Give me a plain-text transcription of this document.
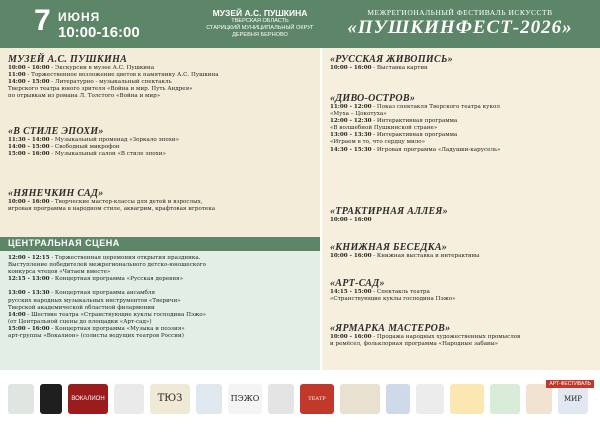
7 ИЮНЯ
10:00-16:00
МУЗЕЙ А.С. ПУШКИНА
ТВЕРСКАЯ ОБЛАСТЬ
СТАРИЦКИЙ МУНИЦИПАЛЬНЫЙ ОКРУГ
ДЕРЕВНЯ БЕРНОВО
МЕЖРЕГИОНАЛЬНЫЙ ФЕСТИВАЛЬ ИСКУССТВ
«ПУШКИНФЕСТ-2026»
МУЗЕЙ А.С. ПУШКИНА
10:00 - 16:00 - Экскурсии в музее А.С. Пушкина
11:00 - Торжественное возложение цветов к памятнику А.С. Пушкина
14:00 - 15:00 - Литературно - музыкальный спектакль
Тверского театра юного зрителя «Война и мир. Путь Андрея»
по отрывкам из романа Л. Толстого «Война и мир»
«В СТИЛЕ ЭПОХИ»
11:30 - 14:00 - Музыкальный променад «Зеркало эпохи»
14:00 - 15:00 - Свободный микрофон
15:00 - 16:00 - Музыкальный салон «В стиле эпохи»
«НЯНЕЧКИН САД»
10:00 - 16:00 - Творческие мастер-классы для детей и взрослых,
игровая программа в народном стиле, аквагрим, крафтовая игротека
ЦЕНТРАЛЬНАЯ СЦЕНА
12:00 - 12:15 - Торжественная церемония открытия праздника.
Выступление победителей межрегионального детско-юношеского
конкурса чтецов «Читаем вместе»
12:15 - 13:00 - Концертная программа «Русская деревня»

13:00 - 13:30 - Концертная программа ансамбля
русских народных музыкальных инструментов «Тверичи»
Тверской академической областной филармонии
14:00 - Шествие театра «Странствующие куклы господина Пэжо»
(от Центральной сцены до площадки «Арт-сад»)
15:00 - 16:00 - Концертная программа «Музыка и поэзия»
арт-группы «Вокалион» (солисты ведущих театров России)
«РУССКАЯ ЖИВОПИСЬ»
10:00 - 16:00 - Выставка картин
«ДИВО-ОСТРОВ»
11:00 - 12:00 - Показ спектакля Тверского театра кукол
«Муха – Цокотуха»
12:00 - 12:30 - Интерактивная программа
«В волшебной Пушкинской стране»
13:00 - 13:30 - Интерактивная программа
«Играем в то, что сердцу мило»
14:30 - 15:30 - Игровая программа «Ладушки-карусель»
«ТРАКТИРНАЯ АЛЛЕЯ»
10:00 - 16:00
«КНИЖНАЯ БЕСЕДКА»
10:00 - 16:00 - Книжная выставка и интерактивы
«АРТ-САД»
14:15 - 15:00 - Спектакль театра
«Странствующие куклы господина Пэжо»
«ЯРМАРКА МАСТЕРОВ»
10:00 - 16:00 - Продажа народных художественных промыслов
и ремёсел, фольклорная программа «Народные забавы»
ВОКАЛИОН	ТЮЗ	ПЭЖО	ТЕАТР КУКОЛ
МИР
АРТ-ФЕСТИВАЛЬ
